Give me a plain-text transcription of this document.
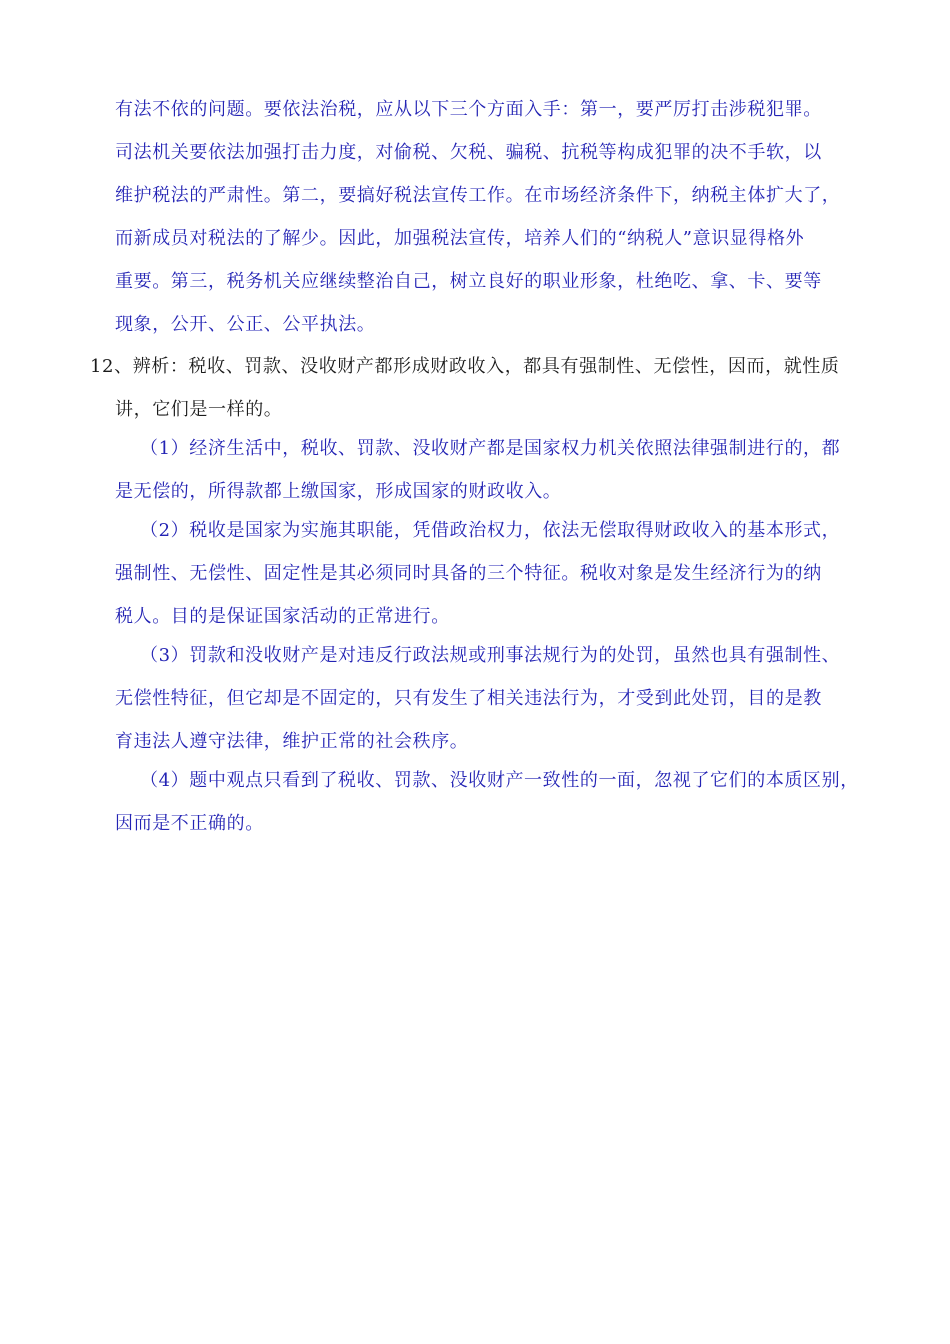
有法不依的问题。要依法治税，应从以下三个方面入手：第一，要严厉打击涉税犯罪。
司法机关要依法加强打击力度，对偷税、欠税、骗税、抗税等构成犯罪的决不手软，以
维护税法的严肃性。第二，要搞好税法宣传工作。在市场经济条件下，纳税主体扩大了，
而新成员对税法的了解少。因此，加强税法宣传，培养人们的“纳税人”意识显得格外
重要。第三，税务机关应继续整治自己，树立良好的职业形象，杜绝吃、拿、卡、要等
现象，公开、公正、公平执法。
12、辨析：税收、罚款、没收财产都形成财政收入，都具有强制性、无偿性，因而，就性质
讲，它们是一样的。
（1）经济生活中，税收、罚款、没收财产都是国家权力机关依照法律强制进行的，都
是无偿的，所得款都上缴国家，形成国家的财政收入。
（2）税收是国家为实施其职能，凭借政治权力，依法无偿取得财政收入的基本形式，
强制性、无偿性、固定性是其必须同时具备的三个特征。税收对象是发生经济行为的纳
税人。目的是保证国家活动的正常进行。
（3）罚款和没收财产是对违反行政法规或刑事法规行为的处罚，虽然也具有强制性、
无偿性特征，但它却是不固定的，只有发生了相关违法行为，才受到此处罚，目的是教
育违法人遵守法律，维护正常的社会秩序。
（4）题中观点只看到了税收、罚款、没收财产一致性的一面，忽视了它们的本质区别，
因而是不正确的。
